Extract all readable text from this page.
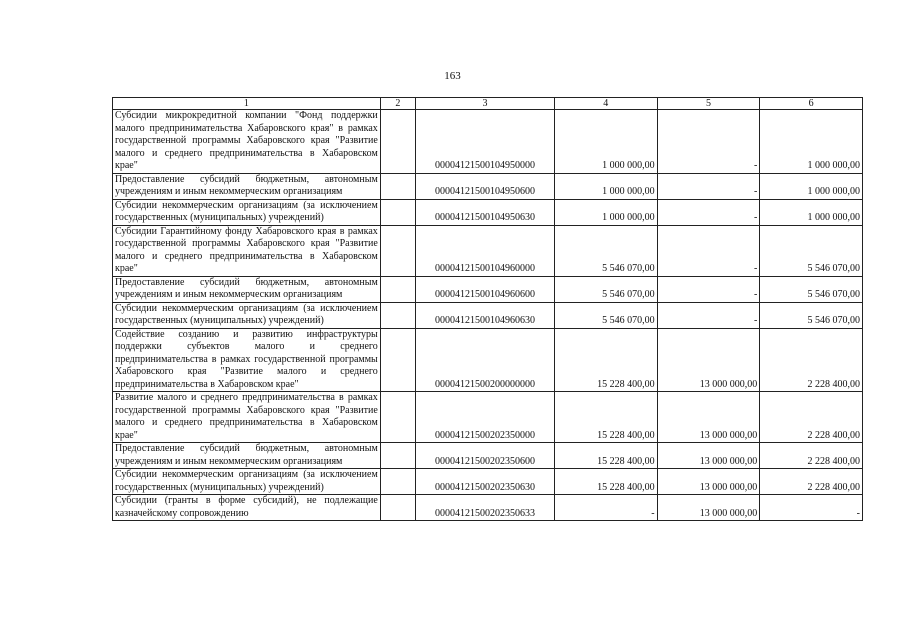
163
1	2	3	4	5	6
Субсидии микрокредитной компании "Фонд поддержки малого предпринимательства Хабаровского края" в рамках государственной программы Хабаровского края "Развитие малого и среднего предпринимательства в Хабаровском крае"		00004121500104950000	1 000 000,00	-	1 000 000,00
Предоставление субсидий бюджетным, автономным учреждениям и иным некоммерческим организациям		00004121500104950600	1 000 000,00	-	1 000 000,00
Субсидии некоммерческим организациям (за исключением государственных (муниципальных) учреждений)		00004121500104950630	1 000 000,00	-	1 000 000,00
Субсидии Гарантийному фонду Хабаровского края в рамках государственной программы Хабаровского края "Развитие малого и среднего предпринимательства в Хабаровском крае"		00004121500104960000	5 546 070,00	-	5 546 070,00
Предоставление субсидий бюджетным, автономным учреждениям и иным некоммерческим организациям		00004121500104960600	5 546 070,00	-	5 546 070,00
Субсидии некоммерческим организациям (за исключением государственных (муниципальных) учреждений)		00004121500104960630	5 546 070,00	-	5 546 070,00
Содействие созданию и развитию инфраструктуры поддержки субъектов малого и среднего предпринимательства в рамках государственной программы Хабаровского края "Развитие малого и среднего предпринимательства в Хабаровском крае"		00004121500200000000	15 228 400,00	13 000 000,00	2 228 400,00
Развитие малого и среднего предпринимательства в рамках государственной программы Хабаровского края "Развитие малого и среднего предпринимательства в Хабаровском крае"		00004121500202350000	15 228 400,00	13 000 000,00	2 228 400,00
Предоставление субсидий бюджетным, автономным учреждениям и иным некоммерческим организациям		00004121500202350600	15 228 400,00	13 000 000,00	2 228 400,00
Субсидии некоммерческим организациям (за исключением государственных (муниципальных) учреждений)		00004121500202350630	15 228 400,00	13 000 000,00	2 228 400,00
Субсидии (гранты в форме субсидий), не подлежащие казначейскому сопровождению		00004121500202350633	-	13 000 000,00	-
